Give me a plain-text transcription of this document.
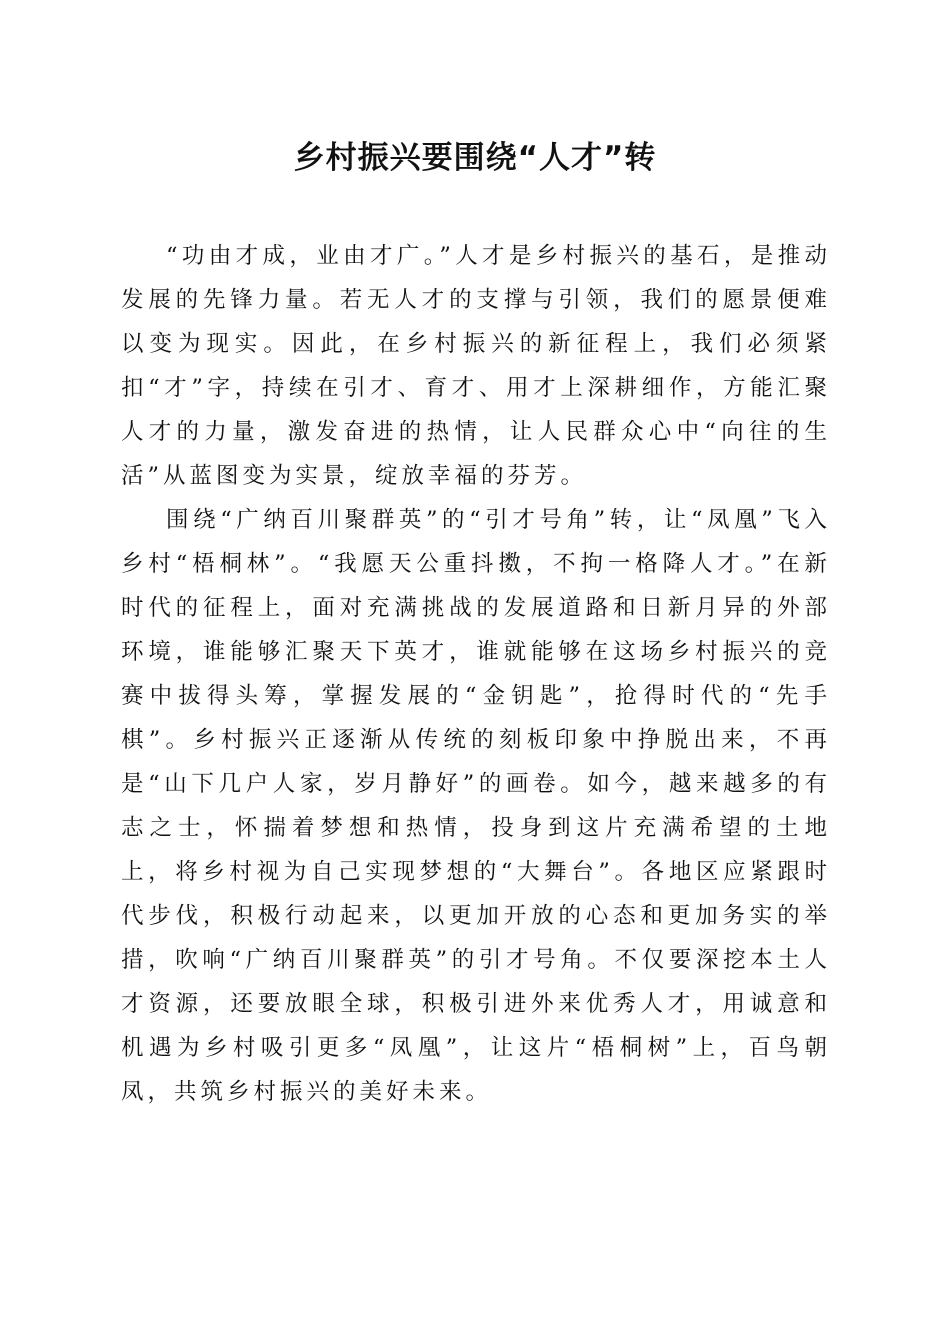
乡村振兴要围绕“人才”转

“功由才成，业由才广。”人才是乡村振兴的基石，是推动发展的先锋力量。若无人才的支撑与引领，我们的愿景便难以变为现实。因此，在乡村振兴的新征程上，我们必须紧扣“才”字，持续在引才、育才、用才上深耕细作，方能汇聚人才的力量，激发奋进的热情，让人民群众心中“向往的生活”从蓝图变为实景，绽放幸福的芬芳。

围绕“广纳百川聚群英”的“引才号角”转，让“凤凰”飞入乡村“梧桐林”。“我愿天公重抖擞，不拘一格降人才。”在新时代的征程上，面对充满挑战的发展道路和日新月异的外部环境，谁能够汇聚天下英才，谁就能够在这场乡村振兴的竞赛中拔得头筹，掌握发展的“金钥匙”，抢得时代的“先手棋”。乡村振兴正逐渐从传统的刻板印象中挣脱出来，不再是“山下几户人家，岁月静好”的画卷。如今，越来越多的有志之士，怀揣着梦想和热情，投身到这片充满希望的土地上，将乡村视为自己实现梦想的“大舞台”。各地区应紧跟时代步伐，积极行动起来，以更加开放的心态和更加务实的举措，吹响“广纳百川聚群英”的引才号角。不仅要深挖本土人才资源，还要放眼全球，积极引进外来优秀人才，用诚意和机遇为乡村吸引更多“凤凰”，让这片“梧桐树”上，百鸟朝凤，共筑乡村振兴的美好未来。
